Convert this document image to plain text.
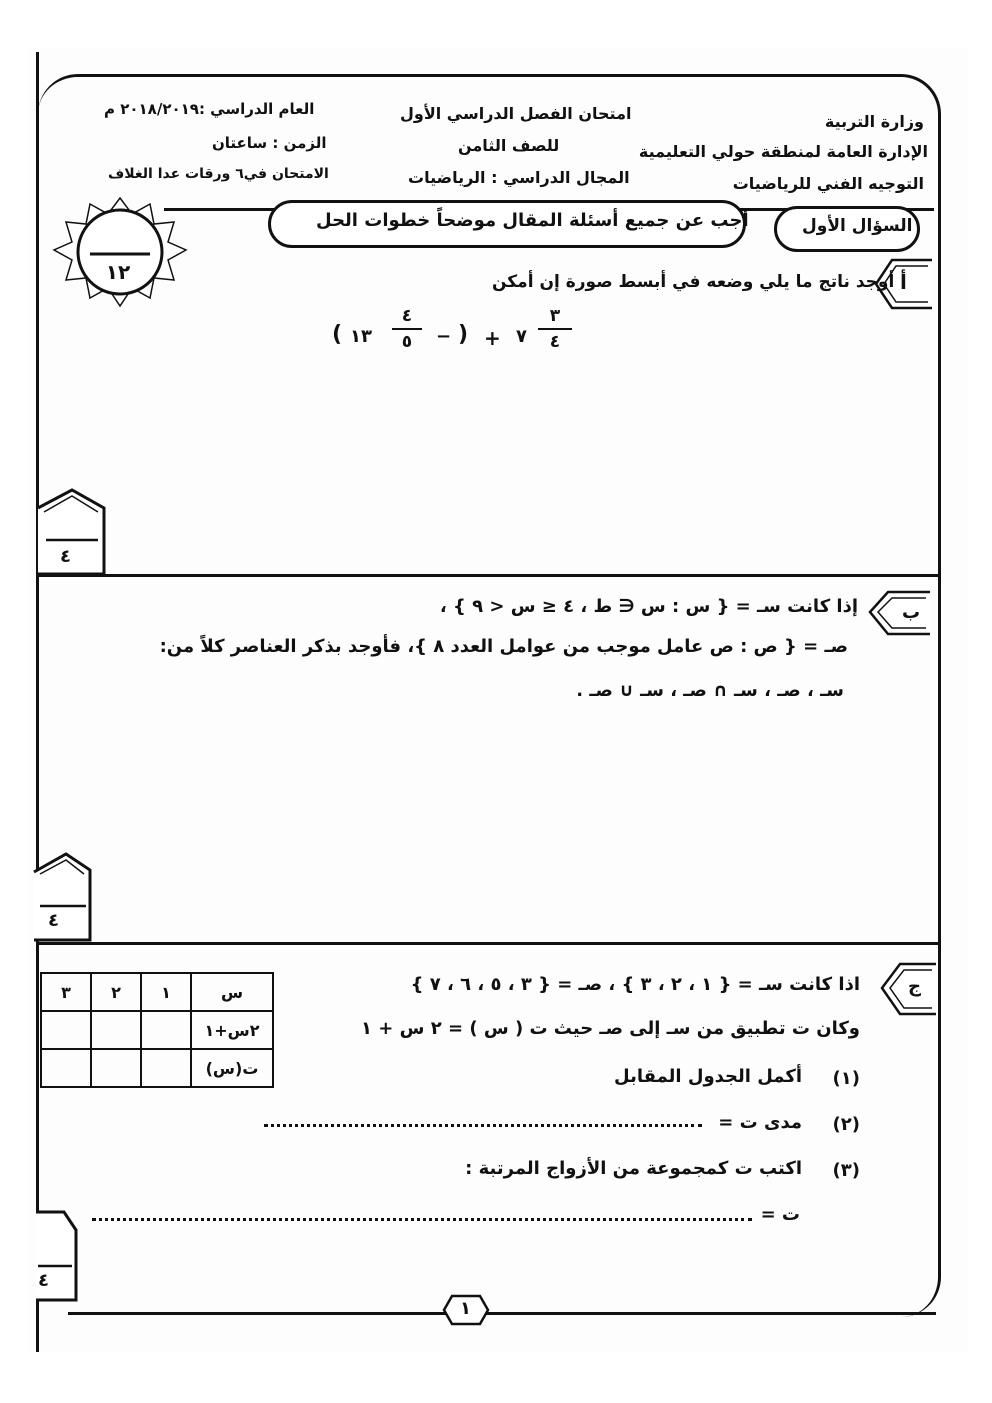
وزارة التربية
الإدارة العامة لمنطقة حولي التعليمية
التوجيه الفني للرياضيات
امتحان الفصل الدراسي الأول
للصف الثامن
المجال الدراسي : الرياضيات
العام الدراسي :٢٠١٨/٢٠١٩ م
الزمن : ساعتان
الامتحان في٦ ورقات عدا الغلاف
١٢
أجب عن جميع أسئلة المقال موضحاً خطوات الحل	السؤال الأول
أ
أوجد ناتج ما يلي وضعه في أبسط صورة إن أمكن
( ١٣
٤
٥	− ) + ٧
٣
٤
٤
ب
إذا كانت سـ = { س : س ∈ ط ، ٤ ≤ س < ٩ } ،
صـ = { ص : ص عامل موجب من عوامل العدد ٨ }، فأوجد بذكر العناصر كلاً من:
سـ ، صـ ، سـ ∩ صـ ، سـ ∪ صـ .
٤
ج
اذا كانت سـ = { ١ ، ٢ ، ٣ } ، صـ = { ٣ ، ٥ ، ٦ ، ٧ }
وكان ت تطبيق من سـ إلى صـ حيث ت ( س ) = ٢ س + ١
(١)
أكمل الجدول المقابل
(٢)
مدى ت =
(٣)
اكتب ت كمجموعة من الأزواج المرتبة :
ت =
س	١	٢	٣
٢س+١			
ت(س)			
٤
١
